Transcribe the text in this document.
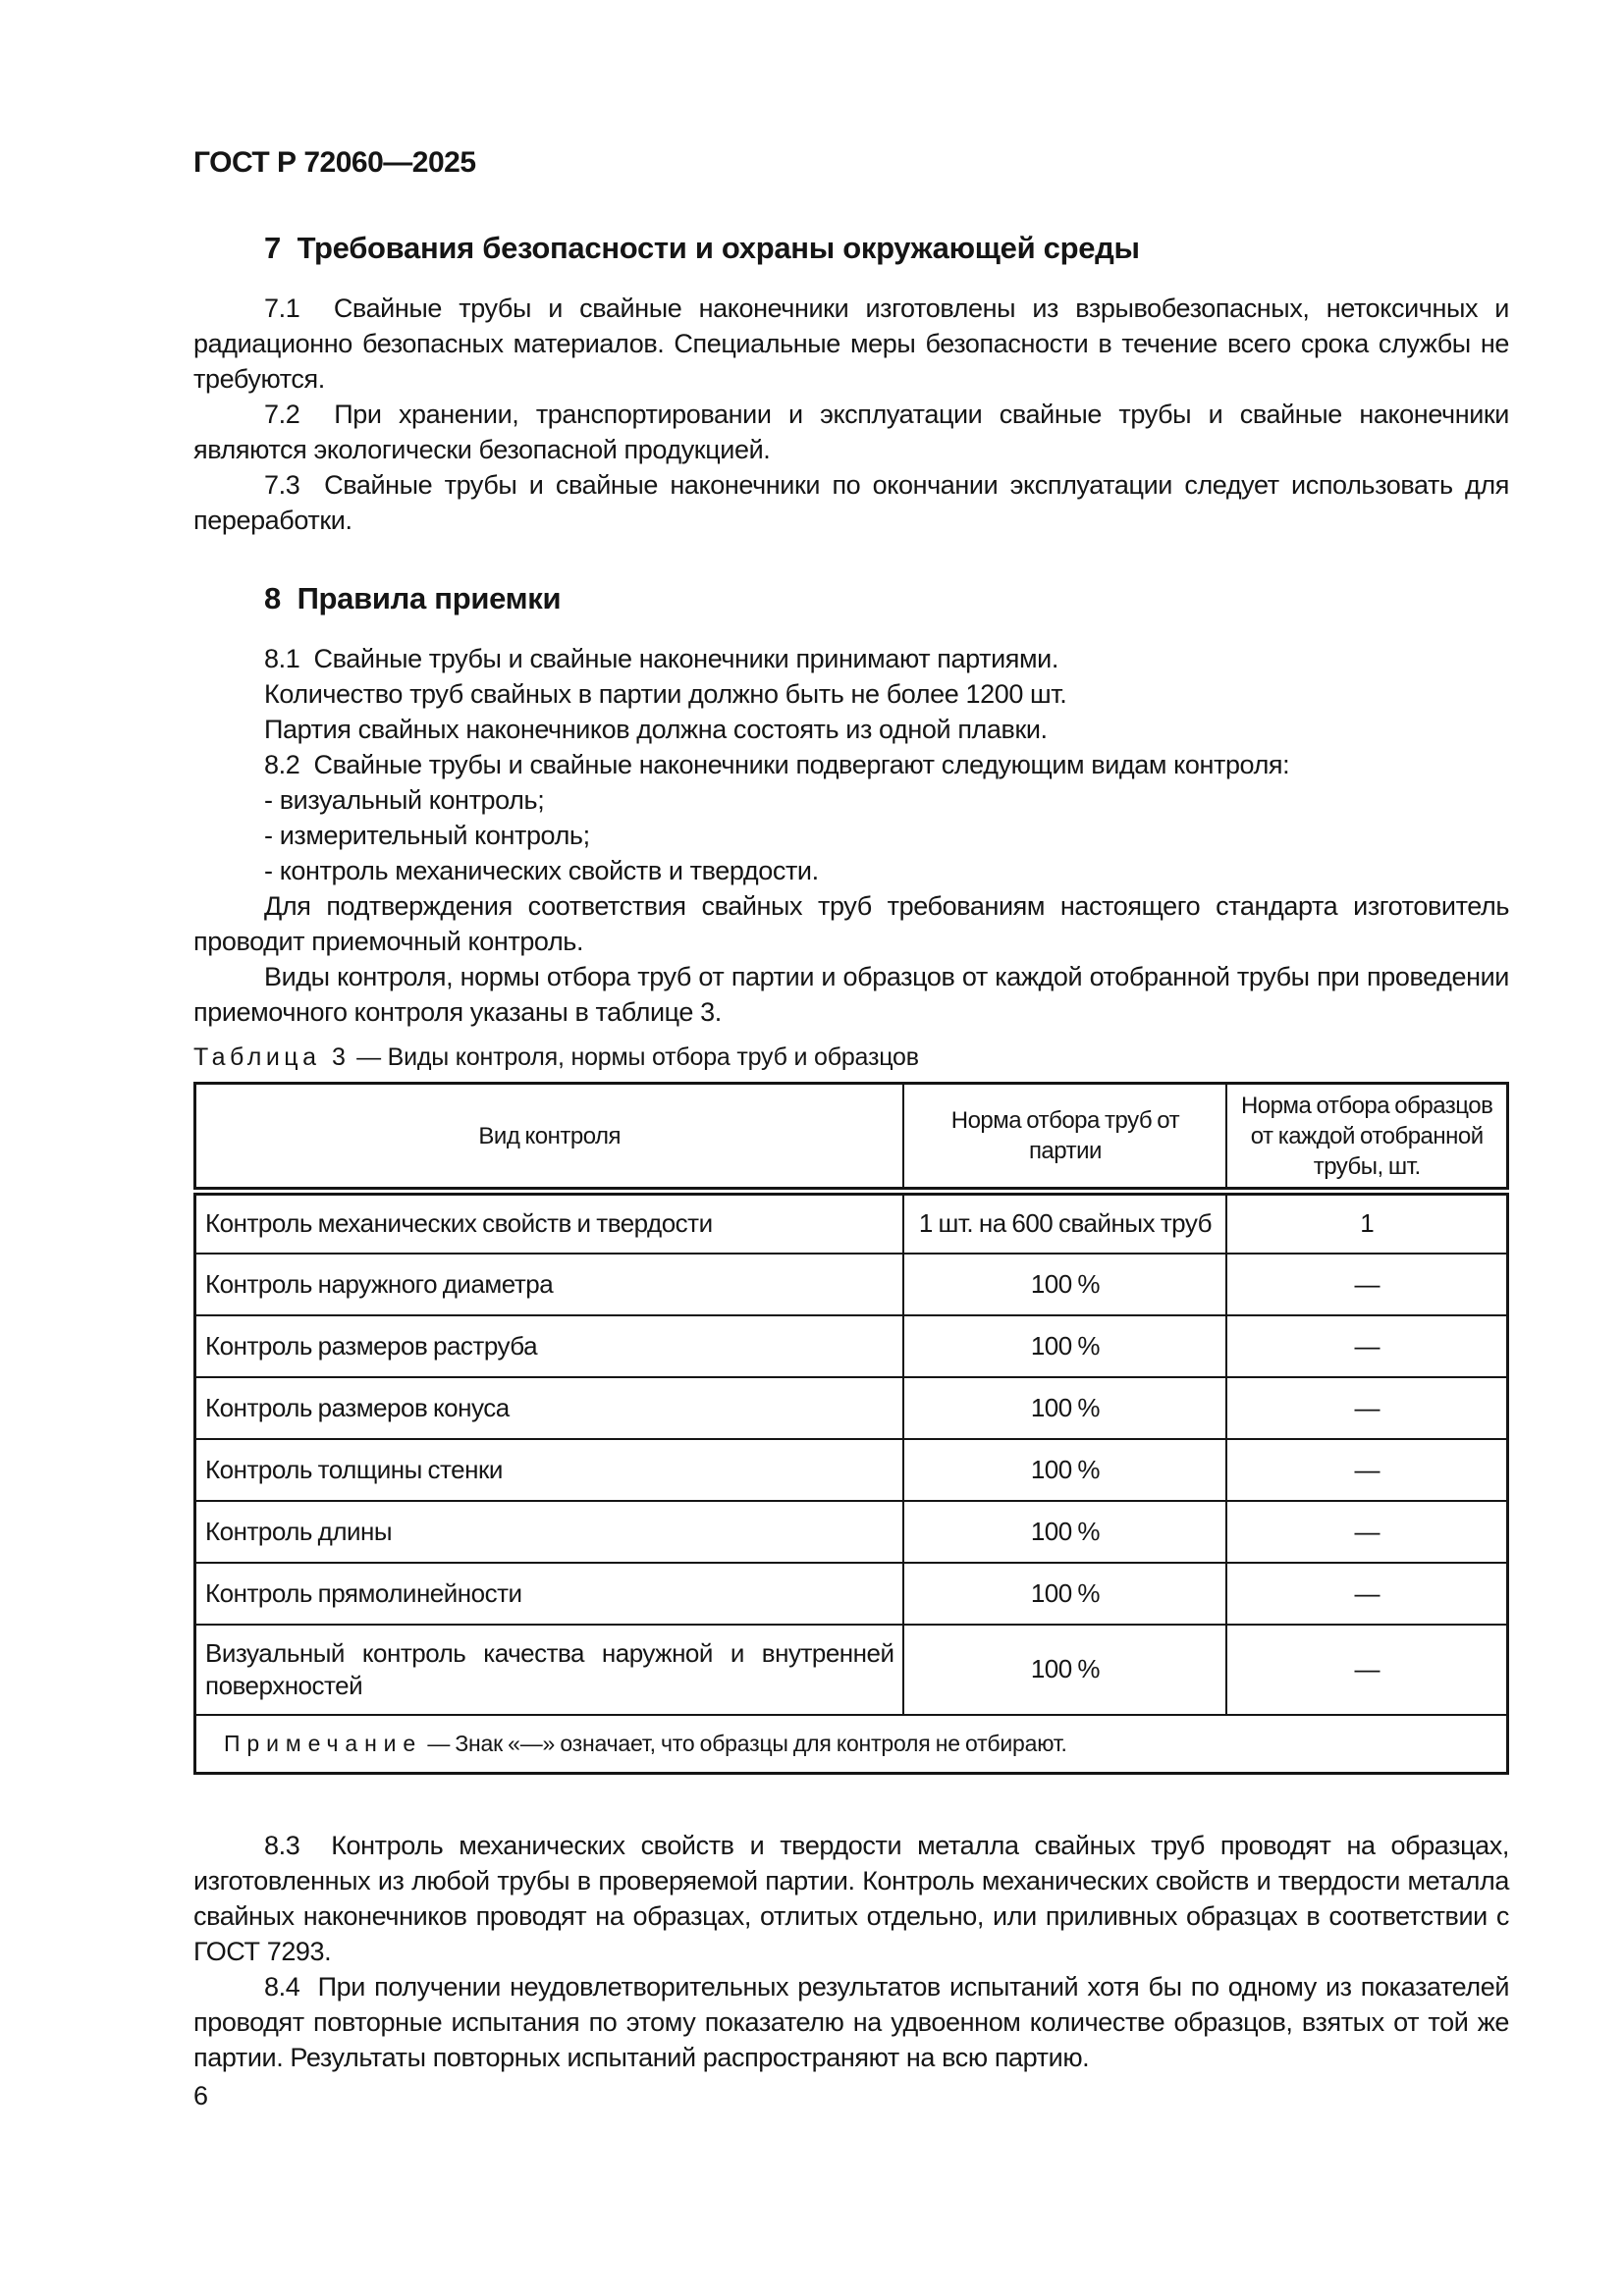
ГОСТ Р 72060—2025
7  Требования безопасности и охраны окружающей среды

7.1  Свайные трубы и свайные наконечники изготовлены из взрывобезопасных, нетоксичных и радиационно безопасных материалов. Специальные меры безопасности в течение всего срока службы не требуются.

7.2  При хранении, транспортировании и эксплуатации свайные трубы и свайные наконечники являются экологически безопасной продукцией.

7.3  Свайные трубы и свайные наконечники по окончании эксплуатации следует использовать для переработки.

8  Правила приемки

8.1  Свайные трубы и свайные наконечники принимают партиями.

Количество труб свайных в партии должно быть не более 1200 шт.

Партия свайных наконечников должна состоять из одной плавки.

8.2  Свайные трубы и свайные наконечники подвергают следующим видам контроля:

- визуальный контроль;

- измерительный контроль;

- контроль механических свойств и твердости.

Для подтверждения соответствия свайных труб требованиям настоящего стандарта изготовитель проводит приемочный контроль.

Виды контроля, нормы отбора труб от партии и образцов от каждой отобранной трубы при проведении приемочного контроля указаны в таблице 3.

Таблица 3 — Виды контроля, нормы отбора труб и образцов
Вид контроля	Норма отбора труб от партии	Норма отбора образцов от каждой отобранной трубы, шт.
Контроль механических свойств и твердости	1 шт. на 600 свайных труб	1
Контроль наружного диаметра	100 %	—
Контроль размеров раструба	100 %	—
Контроль размеров конуса	100 %	—
Контроль толщины стенки	100 %	—
Контроль длины	100 %	—
Контроль прямолинейности	100 %	—
Визуальный контроль качества наружной и внутренней поверхностей	100 %	—
Примечание — Знак «—» означает, что образцы для контроля не отбирают.		

8.3  Контроль механических свойств и твердости металла свайных труб проводят на образцах, изготовленных из любой трубы в проверяемой партии. Контроль механических свойств и твердости металла свайных наконечников проводят на образцах, отлитых отдельно, или приливных образцах в соответствии с ГОСТ 7293.

8.4  При получении неудовлетворительных результатов испытаний хотя бы по одному из показателей проводят повторные испытания по этому показателю на удвоенном количестве образцов, взятых от той же партии. Результаты повторных испытаний распространяют на всю партию.

6
